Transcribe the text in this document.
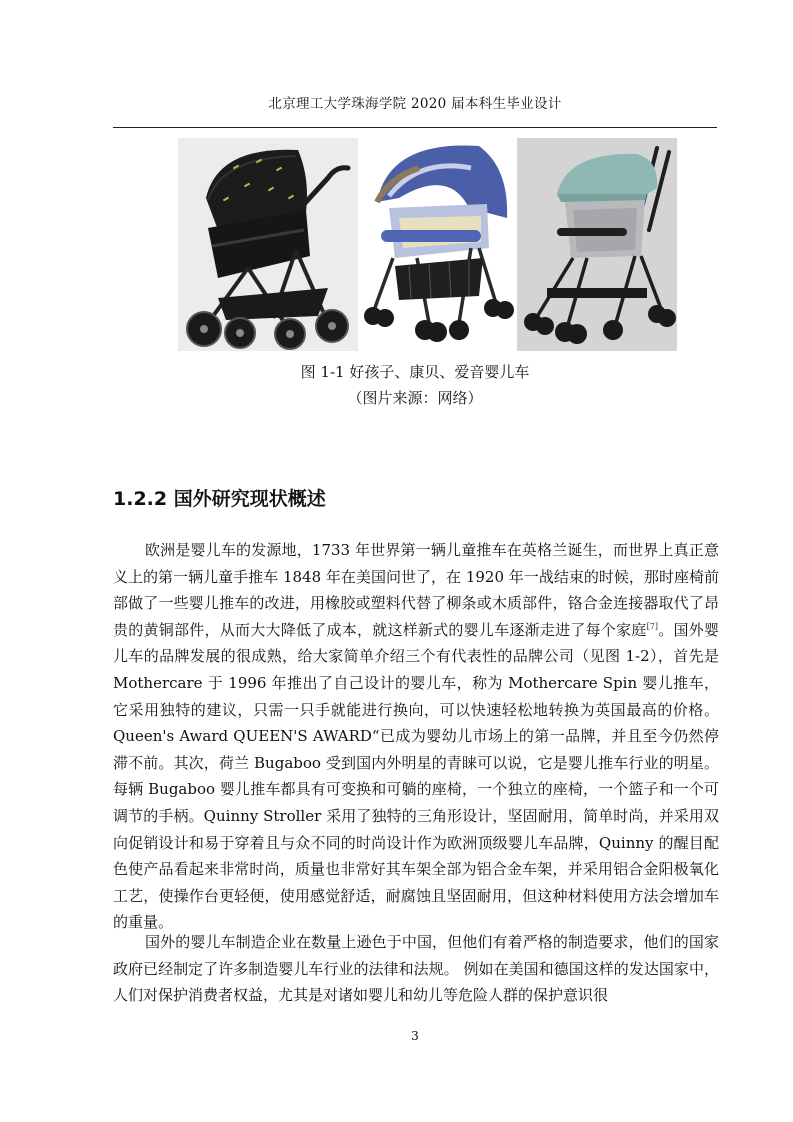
北京理工大学珠海学院 2020 届本科生毕业设计
图 1-1 好孩子、康贝、爱音婴儿车
（图片来源：网络）
1.2.2 国外研究现状概述

欧洲是婴儿车的发源地，1733 年世界第一辆儿童推车在英格兰诞生，而世界上真正意义上的第一辆儿童手推车 1848 年在美国问世了，在 1920 年一战结束的时候，那时座椅前部做了一些婴儿推车的改进，用橡胶或塑料代替了柳条或木质部件，铬合金连接器取代了昂贵的黄铜部件，从而大大降低了成本，就这样新式的婴儿车逐渐走进了每个家庭[7]。国外婴儿车的品牌发展的很成熟，给大家简单介绍三个有代表性的品牌公司（见图 1-2），首先是 Mothercare 于 1996 年推出了自己设计的婴儿车，称为 Mothercare Spin 婴儿推车，它采用独特的建议，只需一只手就能进行换向，可以快速轻松地转换为英国最高的价格。 Queen's Award QUEEN'S AWARD“已成为婴幼儿市场上的第一品牌，并且至今仍然停滞不前。其次，荷兰 Bugaboo 受到国内外明星的青睐可以说，它是婴儿推车行业的明星。每辆 Bugaboo 婴儿推车都具有可变换和可躺的座椅，一个独立的座椅，一个篮子和一个可调节的手柄。Quinny Stroller 采用了独特的三角形设计，坚固耐用，简单时尚，并采用双向促销设计和易于穿着且与众不同的时尚设计作为欧洲顶级婴儿车品牌，Quinny 的醒目配色使产品看起来非常时尚，质量也非常好其车架全部为铝合金车架，并采用铝合金阳极氧化工艺，使操作台更轻便，使用感觉舒适，耐腐蚀且坚固耐用，但这种材料使用方法会增加车的重量。

国外的婴儿车制造企业在数量上逊色于中国，但他们有着严格的制造要求，他们的国家政府已经制定了许多制造婴儿车行业的法律和法规。 例如在美国和德国这样的发达国家中，人们对保护消费者权益，尤其是对诸如婴儿和幼儿等危险人群的保护意识很

3
